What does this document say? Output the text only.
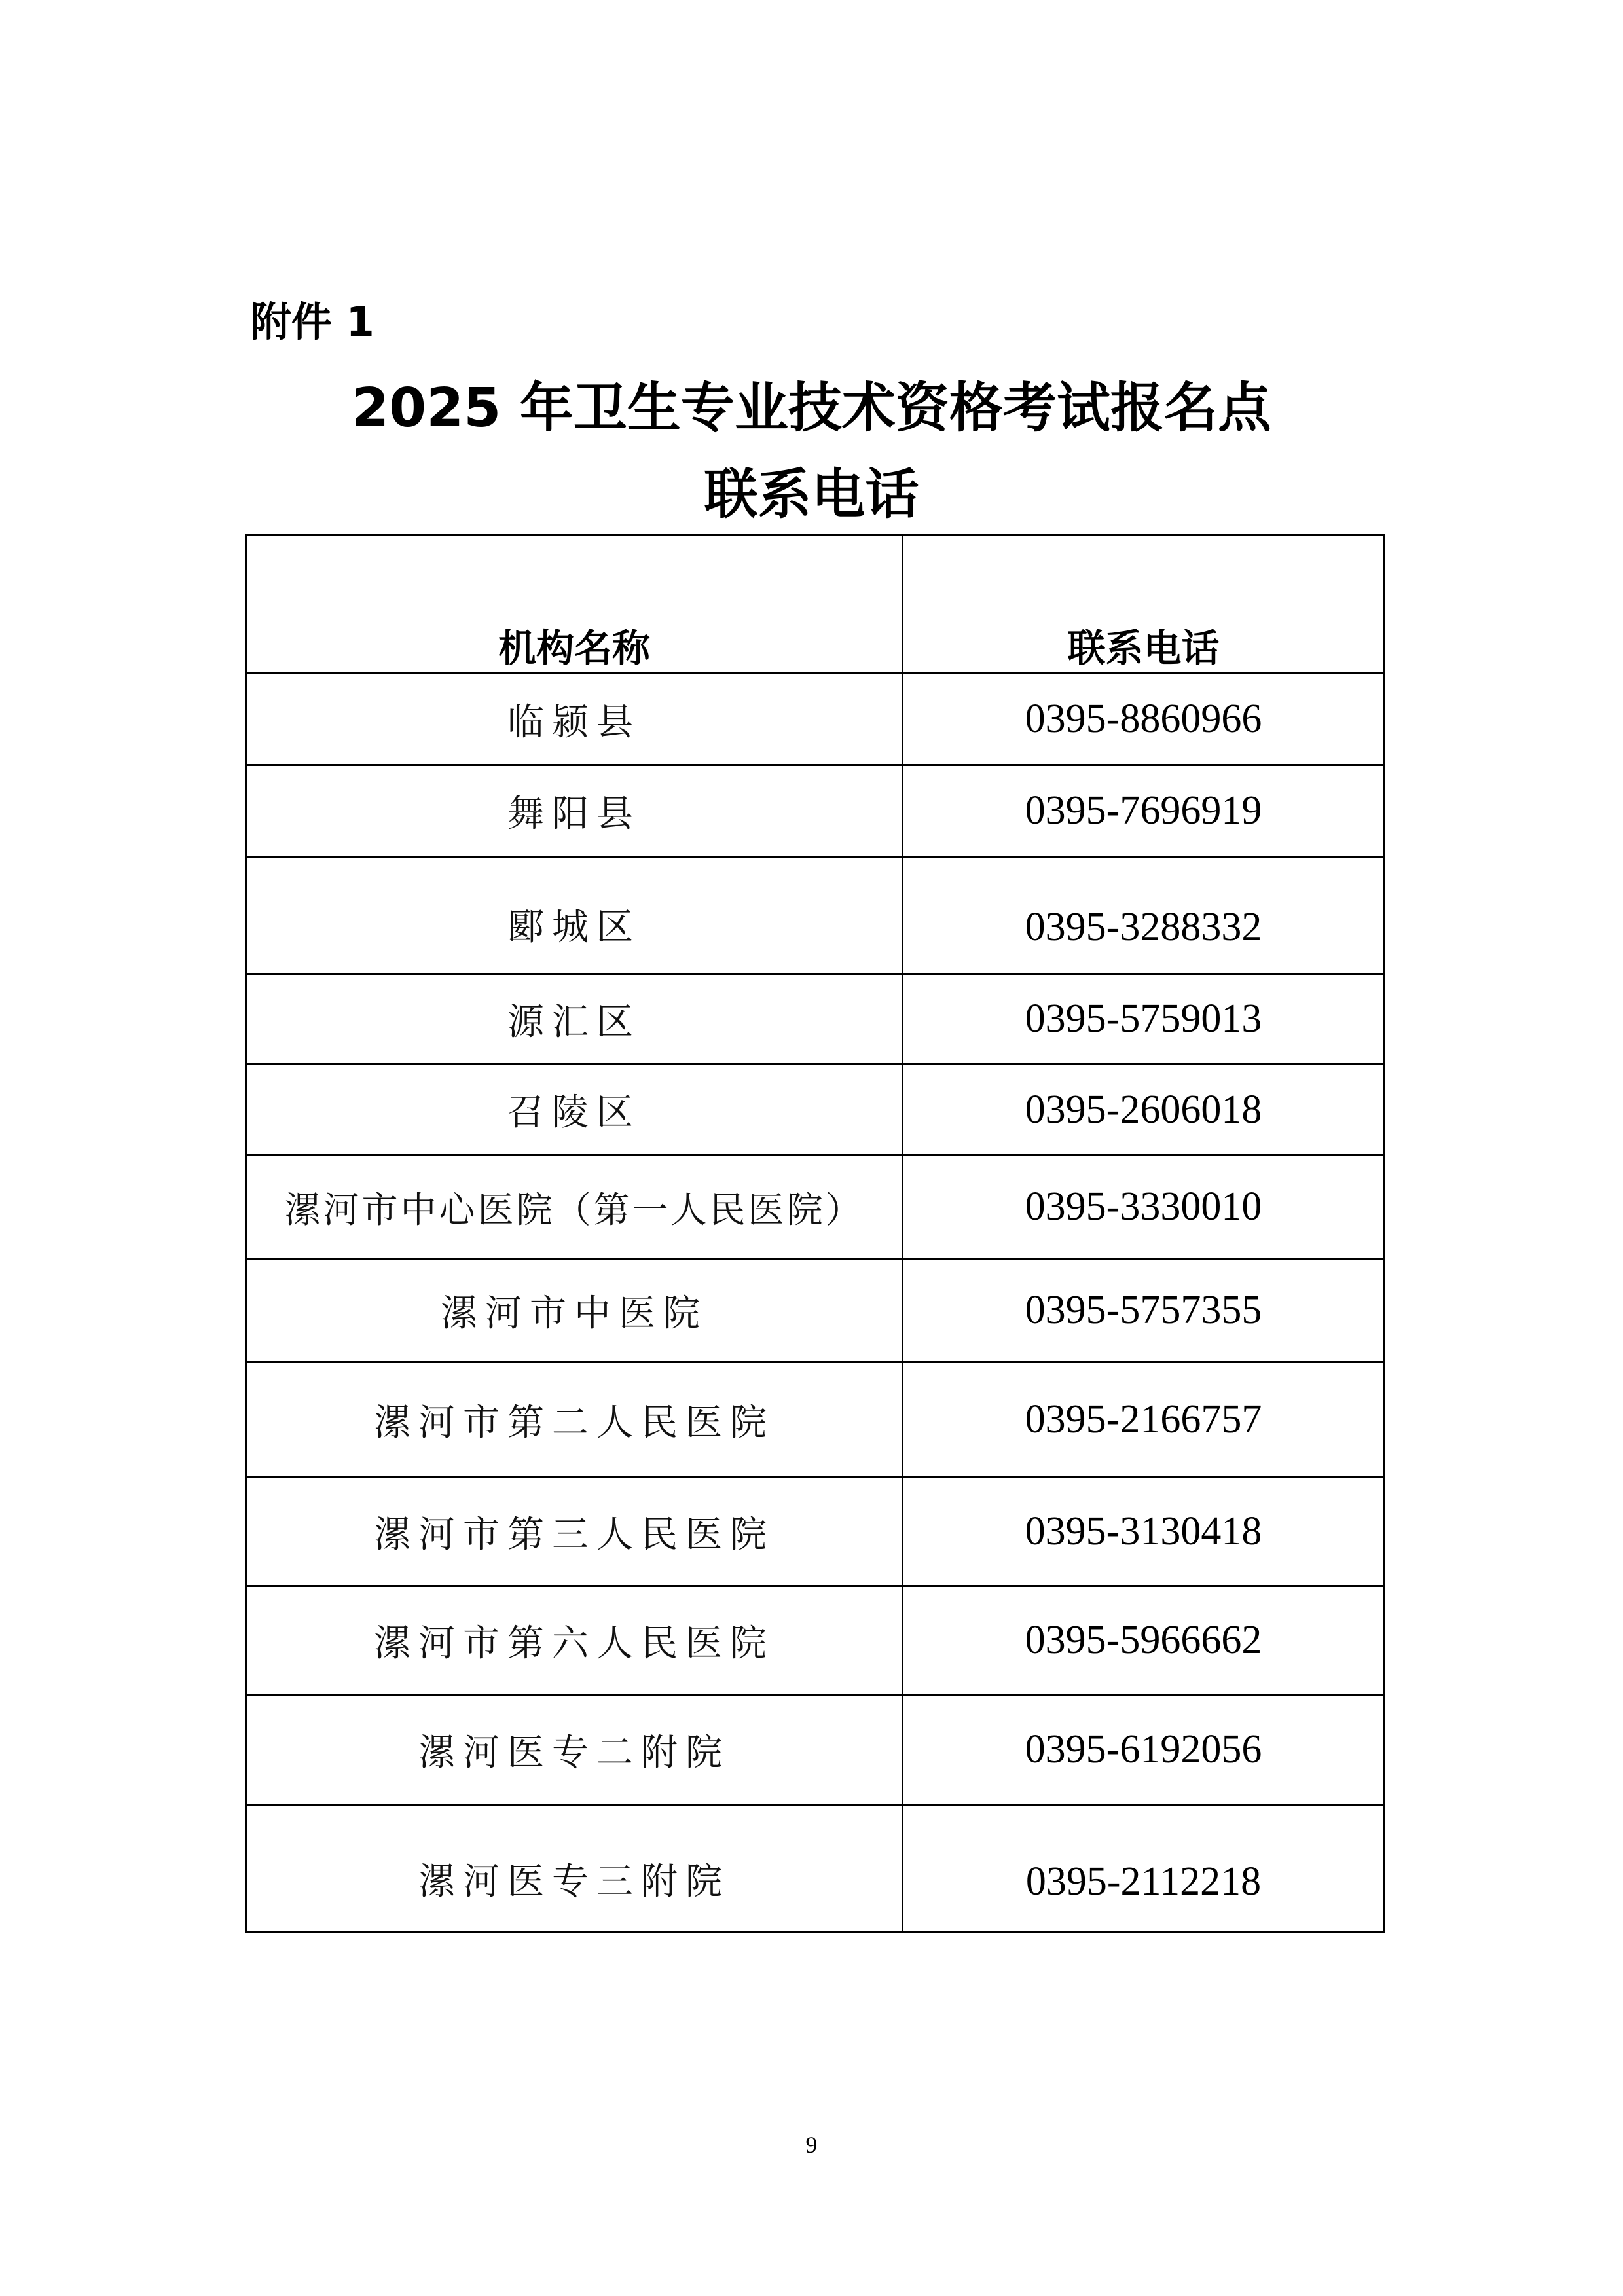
附件 1
2025 年卫生专业技术资格考试报名点
联系电话
机构名称	联系电话
临颍县	0395-8860966
舞阳县	0395-7696919
郾城区	0395-3288332
源汇区	0395-5759013
召陵区	0395-2606018
漯河市中心医院（第一人民医院）	0395-3330010
漯河市中医院	0395-5757355
漯河市第二人民医院	0395-2166757
漯河市第三人民医院	0395-3130418
漯河市第六人民医院	0395-5966662
漯河医专二附院	0395-6192056
漯河医专三附院	0395-2112218
9
